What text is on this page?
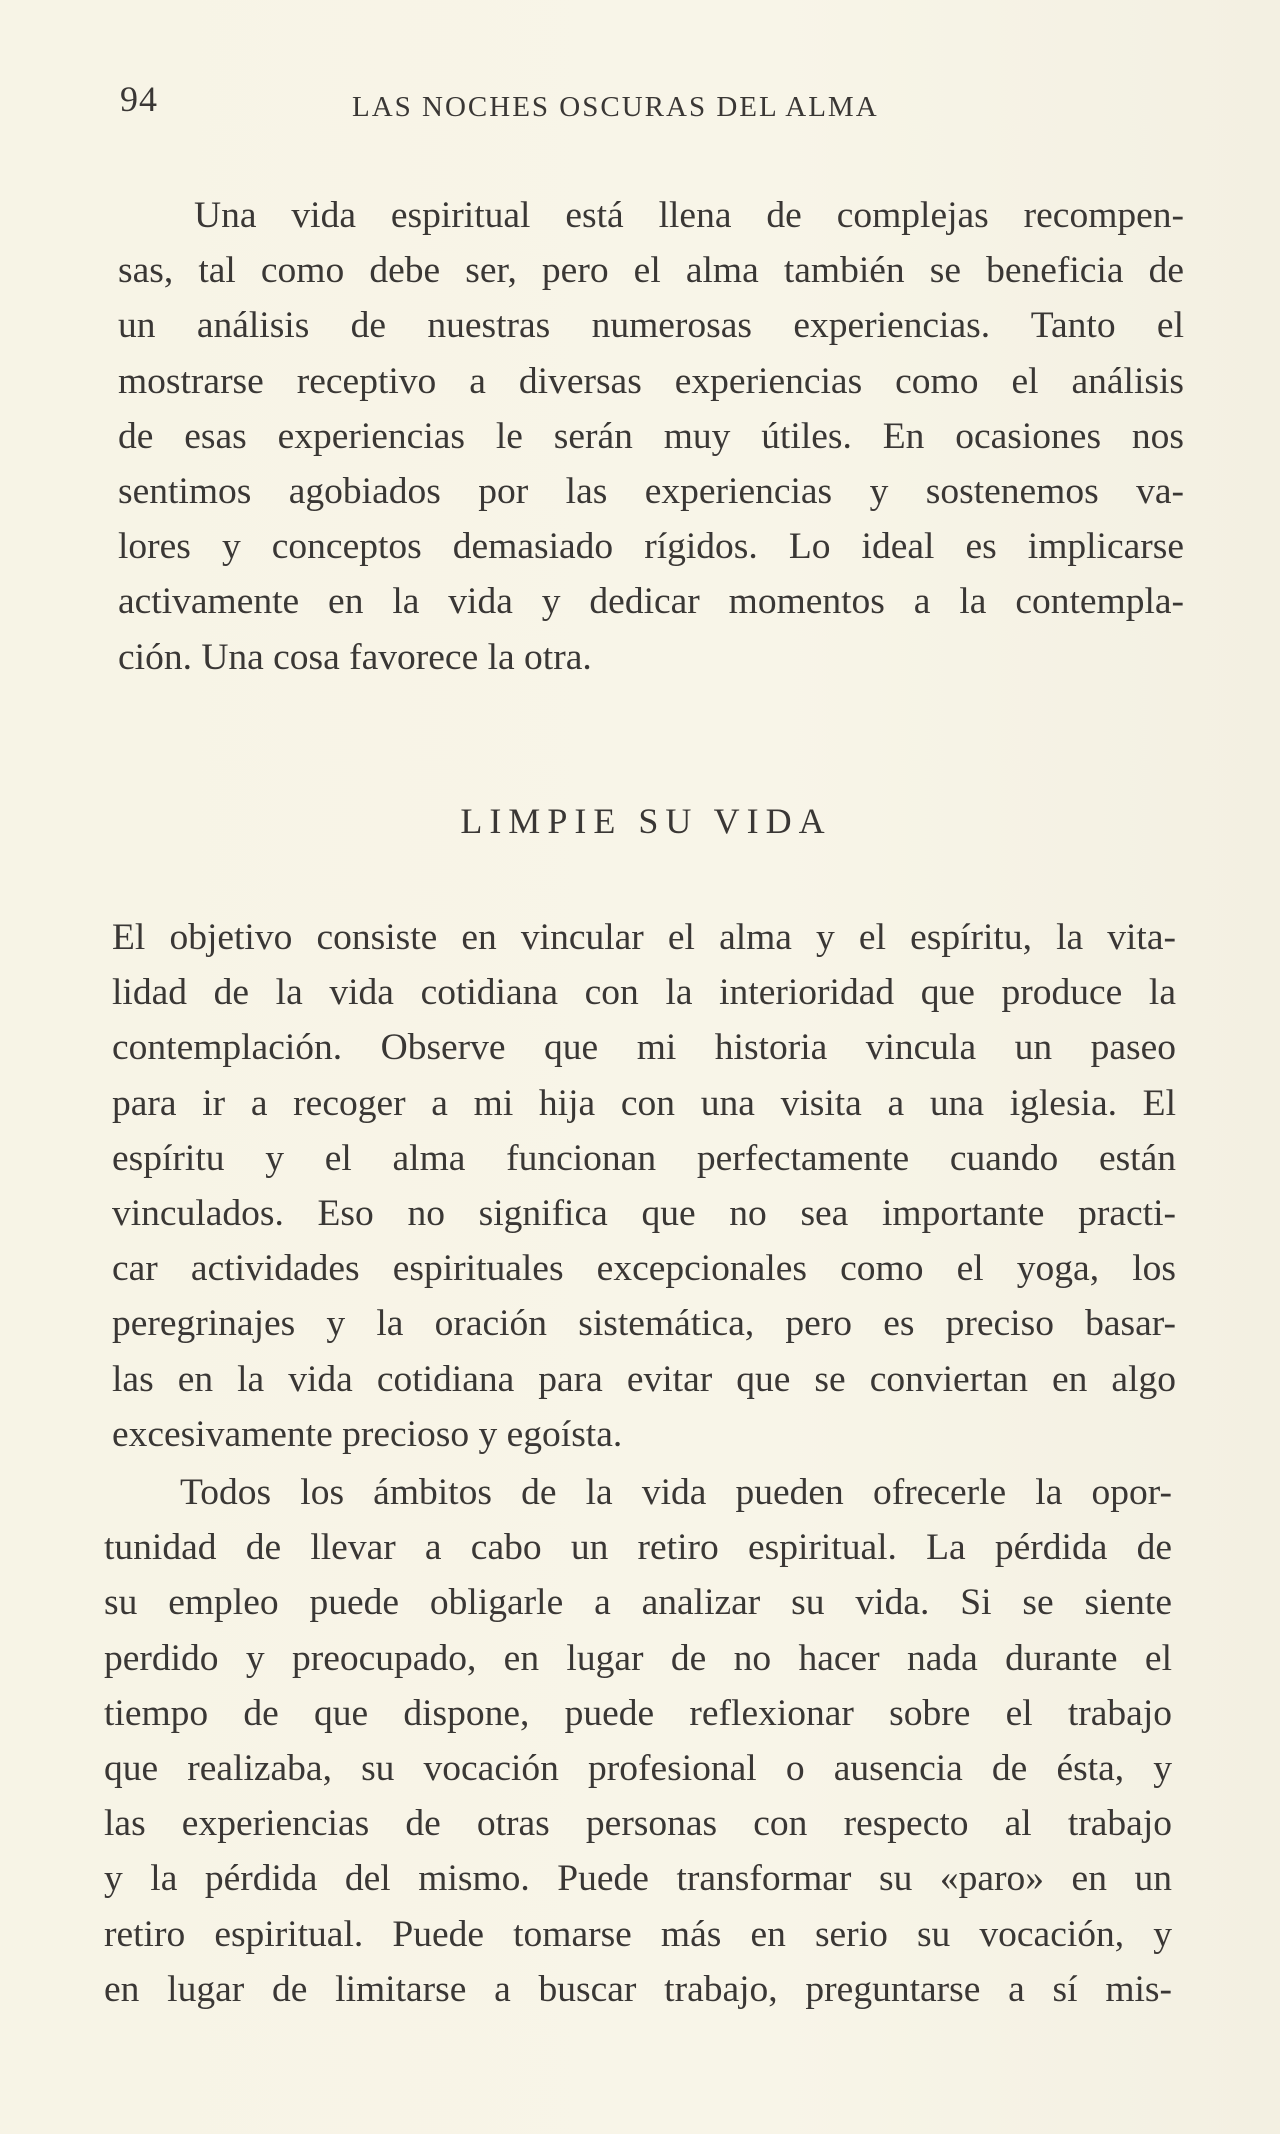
94	LAS NOCHES OSCURAS DEL ALMA
Una vida espiritual está llena de complejas recompen-
sas, tal como debe ser, pero el alma también se beneficia de
un análisis de nuestras numerosas experiencias. Tanto el
mostrarse receptivo a diversas experiencias como el análisis
de esas experiencias le serán muy útiles. En ocasiones nos
sentimos agobiados por las experiencias y sostenemos va-
lores y conceptos demasiado rígidos. Lo ideal es implicarse
activamente en la vida y dedicar momentos a la contempla-
ción. Una cosa favorece la otra.
LIMPIE SU VIDA
El objetivo consiste en vincular el alma y el espíritu, la vita-
lidad de la vida cotidiana con la interioridad que produce la
contemplación. Observe que mi historia vincula un paseo
para ir a recoger a mi hija con una visita a una iglesia. El
espíritu y el alma funcionan perfectamente cuando están
vinculados. Eso no significa que no sea importante practi-
car actividades espirituales excepcionales como el yoga, los
peregrinajes y la oración sistemática, pero es preciso basar-
las en la vida cotidiana para evitar que se conviertan en algo
excesivamente precioso y egoísta.
Todos los ámbitos de la vida pueden ofrecerle la opor-
tunidad de llevar a cabo un retiro espiritual. La pérdida de
su empleo puede obligarle a analizar su vida. Si se siente
perdido y preocupado, en lugar de no hacer nada durante el
tiempo de que dispone, puede reflexionar sobre el trabajo
que realizaba, su vocación profesional o ausencia de ésta, y
las experiencias de otras personas con respecto al trabajo
y la pérdida del mismo. Puede transformar su «paro» en un
retiro espiritual. Puede tomarse más en serio su vocación, y
en lugar de limitarse a buscar trabajo, preguntarse a sí mis-
